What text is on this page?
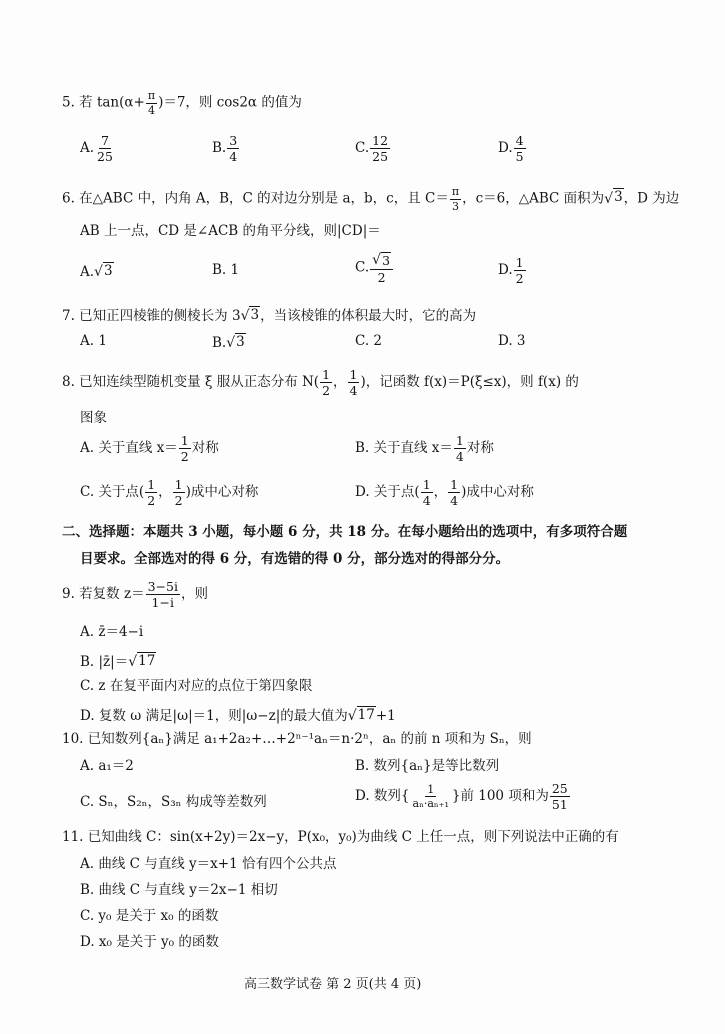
5. 若 $\tan(\alpha+ \frac{\pi}{4} )=7$，则 cos2α 的值为
A. $\frac{7}{25}$	B. $\frac{3}{4}$	C. $\frac{12}{25}$	D. $\frac{4}{5}$
6. 在△ABC 中，内角 A，B，C 的对边分别是 a，b，c，且 $C= \frac{\pi}{3}$ ，c＝6，△ABC 面积为 √ 3 ，D 为边
AB 上一点，CD 是∠ACB 的角平分线，则|CD|＝
A. √ 3	B. 1	C. $\frac{√ 3}{2}$	D. $\frac{1}{2}$
7. 已知正四棱锥的侧棱长为 3 √ 3 ，当该棱锥的体积最大时，它的高为
A. 1	B. √ 3	C. 2	D. 3
8. 已知连续型随机变量 ξ 服从正态分布 $N( \frac{1}{2}$ ， $\frac{1}{4}$ )，记函数 f(x)＝P(ξ≤x)，则 f(x) 的
图象
A. 关于直线 $x= \frac{1}{2}$ 对称	B. 关于直线 $x= \frac{1}{4}$ 对称
C. 关于点( $\frac{1}{2}$ ， $\frac{1}{2}$ )成中心对称	D. 关于点( $\frac{1}{4}$ ， $\frac{1}{4}$ )成中心对称
二、选择题：本题共 3 小题，每小题 6 分，共 18 分。在每小题给出的选项中，有多项符合题
目要求。全部选对的得 6 分，有选错的得 0 分，部分选对的得部分分。
9. 若复数 $z= \frac{3-5i}{1-i}$ ，则
A. z̄＝4−i
B. |z̄|＝ √ 17
C. z 在复平面内对应的点位于第四象限
D. 复数 ω 满足|ω|＝1，则|ω−z|的最大值为 √ 17 +1
10. 已知数列{aₙ}满足 a₁+2a₂+…+2ⁿ⁻¹aₙ＝n·2ⁿ，aₙ 的前 n 项和为 Sₙ，则
A. a₁＝2	B. 数列{aₙ}是等比数列
C. Sₙ，S₂ₙ，S₃ₙ 构成等差数列	D. 数列{ $\frac{1}{\text{aₙ·aₙ₊₁}}$ }前 100 项和为 $\frac{25}{51}$
11. 已知曲线 C：sin(x+2y)＝2x−y，P(x₀，y₀)为曲线 C 上任一点，则下列说法中正确的有
A. 曲线 C 与直线 y＝x+1 恰有四个公共点
B. 曲线 C 与直线 y＝2x−1 相切
C. y₀ 是关于 x₀ 的函数
D. x₀ 是关于 y₀ 的函数
高三数学试卷 第 2 页(共 4 页)
